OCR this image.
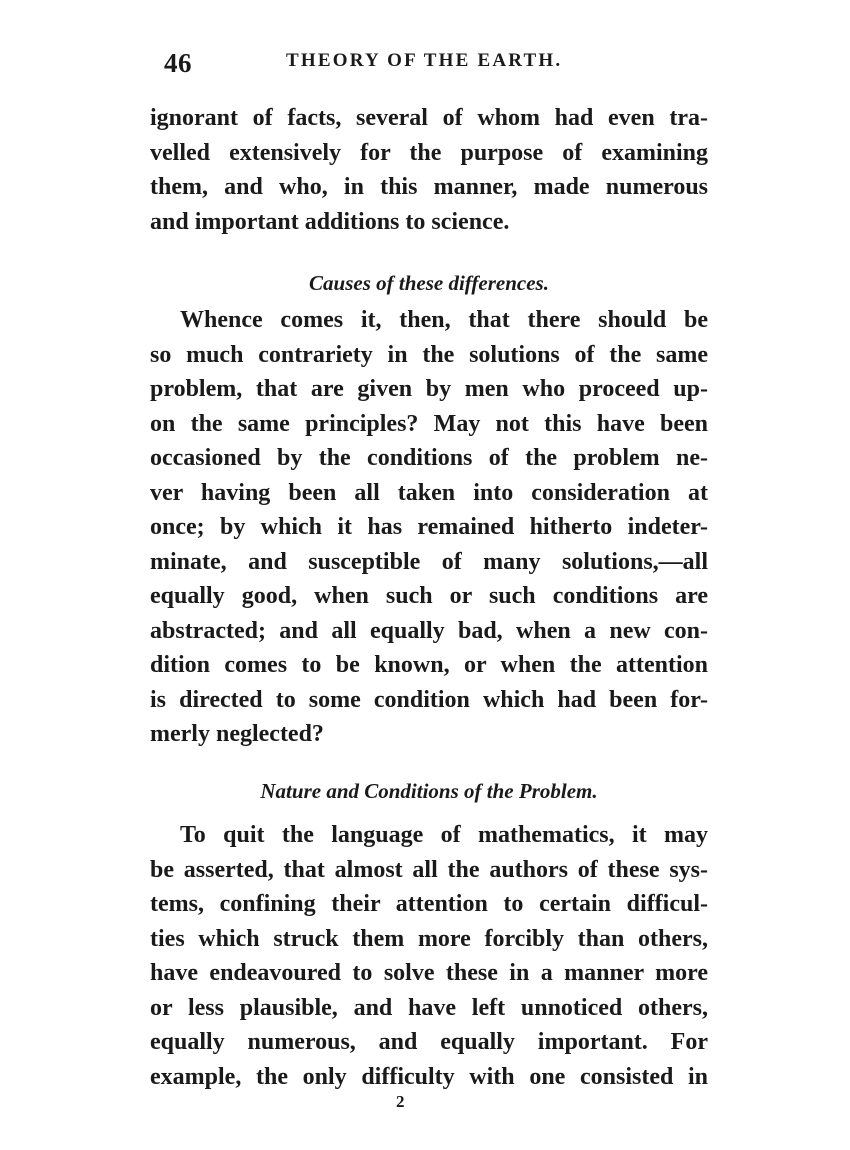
46	THEORY OF THE EARTH.
ignorant of facts, several of whom had even tra-
velled extensively for the purpose of examining
them, and who, in this manner, made numerous
and important additions to science.
Causes of these differences.
Whence comes it, then, that there should be
so much contrariety in the solutions of the same
problem, that are given by men who proceed up-
on the same principles? May not this have been
occasioned by the conditions of the problem ne-
ver having been all taken into consideration at
once; by which it has remained hitherto indeter-
minate, and susceptible of many solutions,—all
equally good, when such or such conditions are
abstracted; and all equally bad, when a new con-
dition comes to be known, or when the attention
is directed to some condition which had been for-
merly neglected?
Nature and Conditions of the Problem.
To quit the language of mathematics, it may
be asserted, that almost all the authors of these sys-
tems, confining their attention to certain difficul-
ties which struck them more forcibly than others,
have endeavoured to solve these in a manner more
or less plausible, and have left unnoticed others,
equally numerous, and equally important. For
example, the only difficulty with one consisted in
2
